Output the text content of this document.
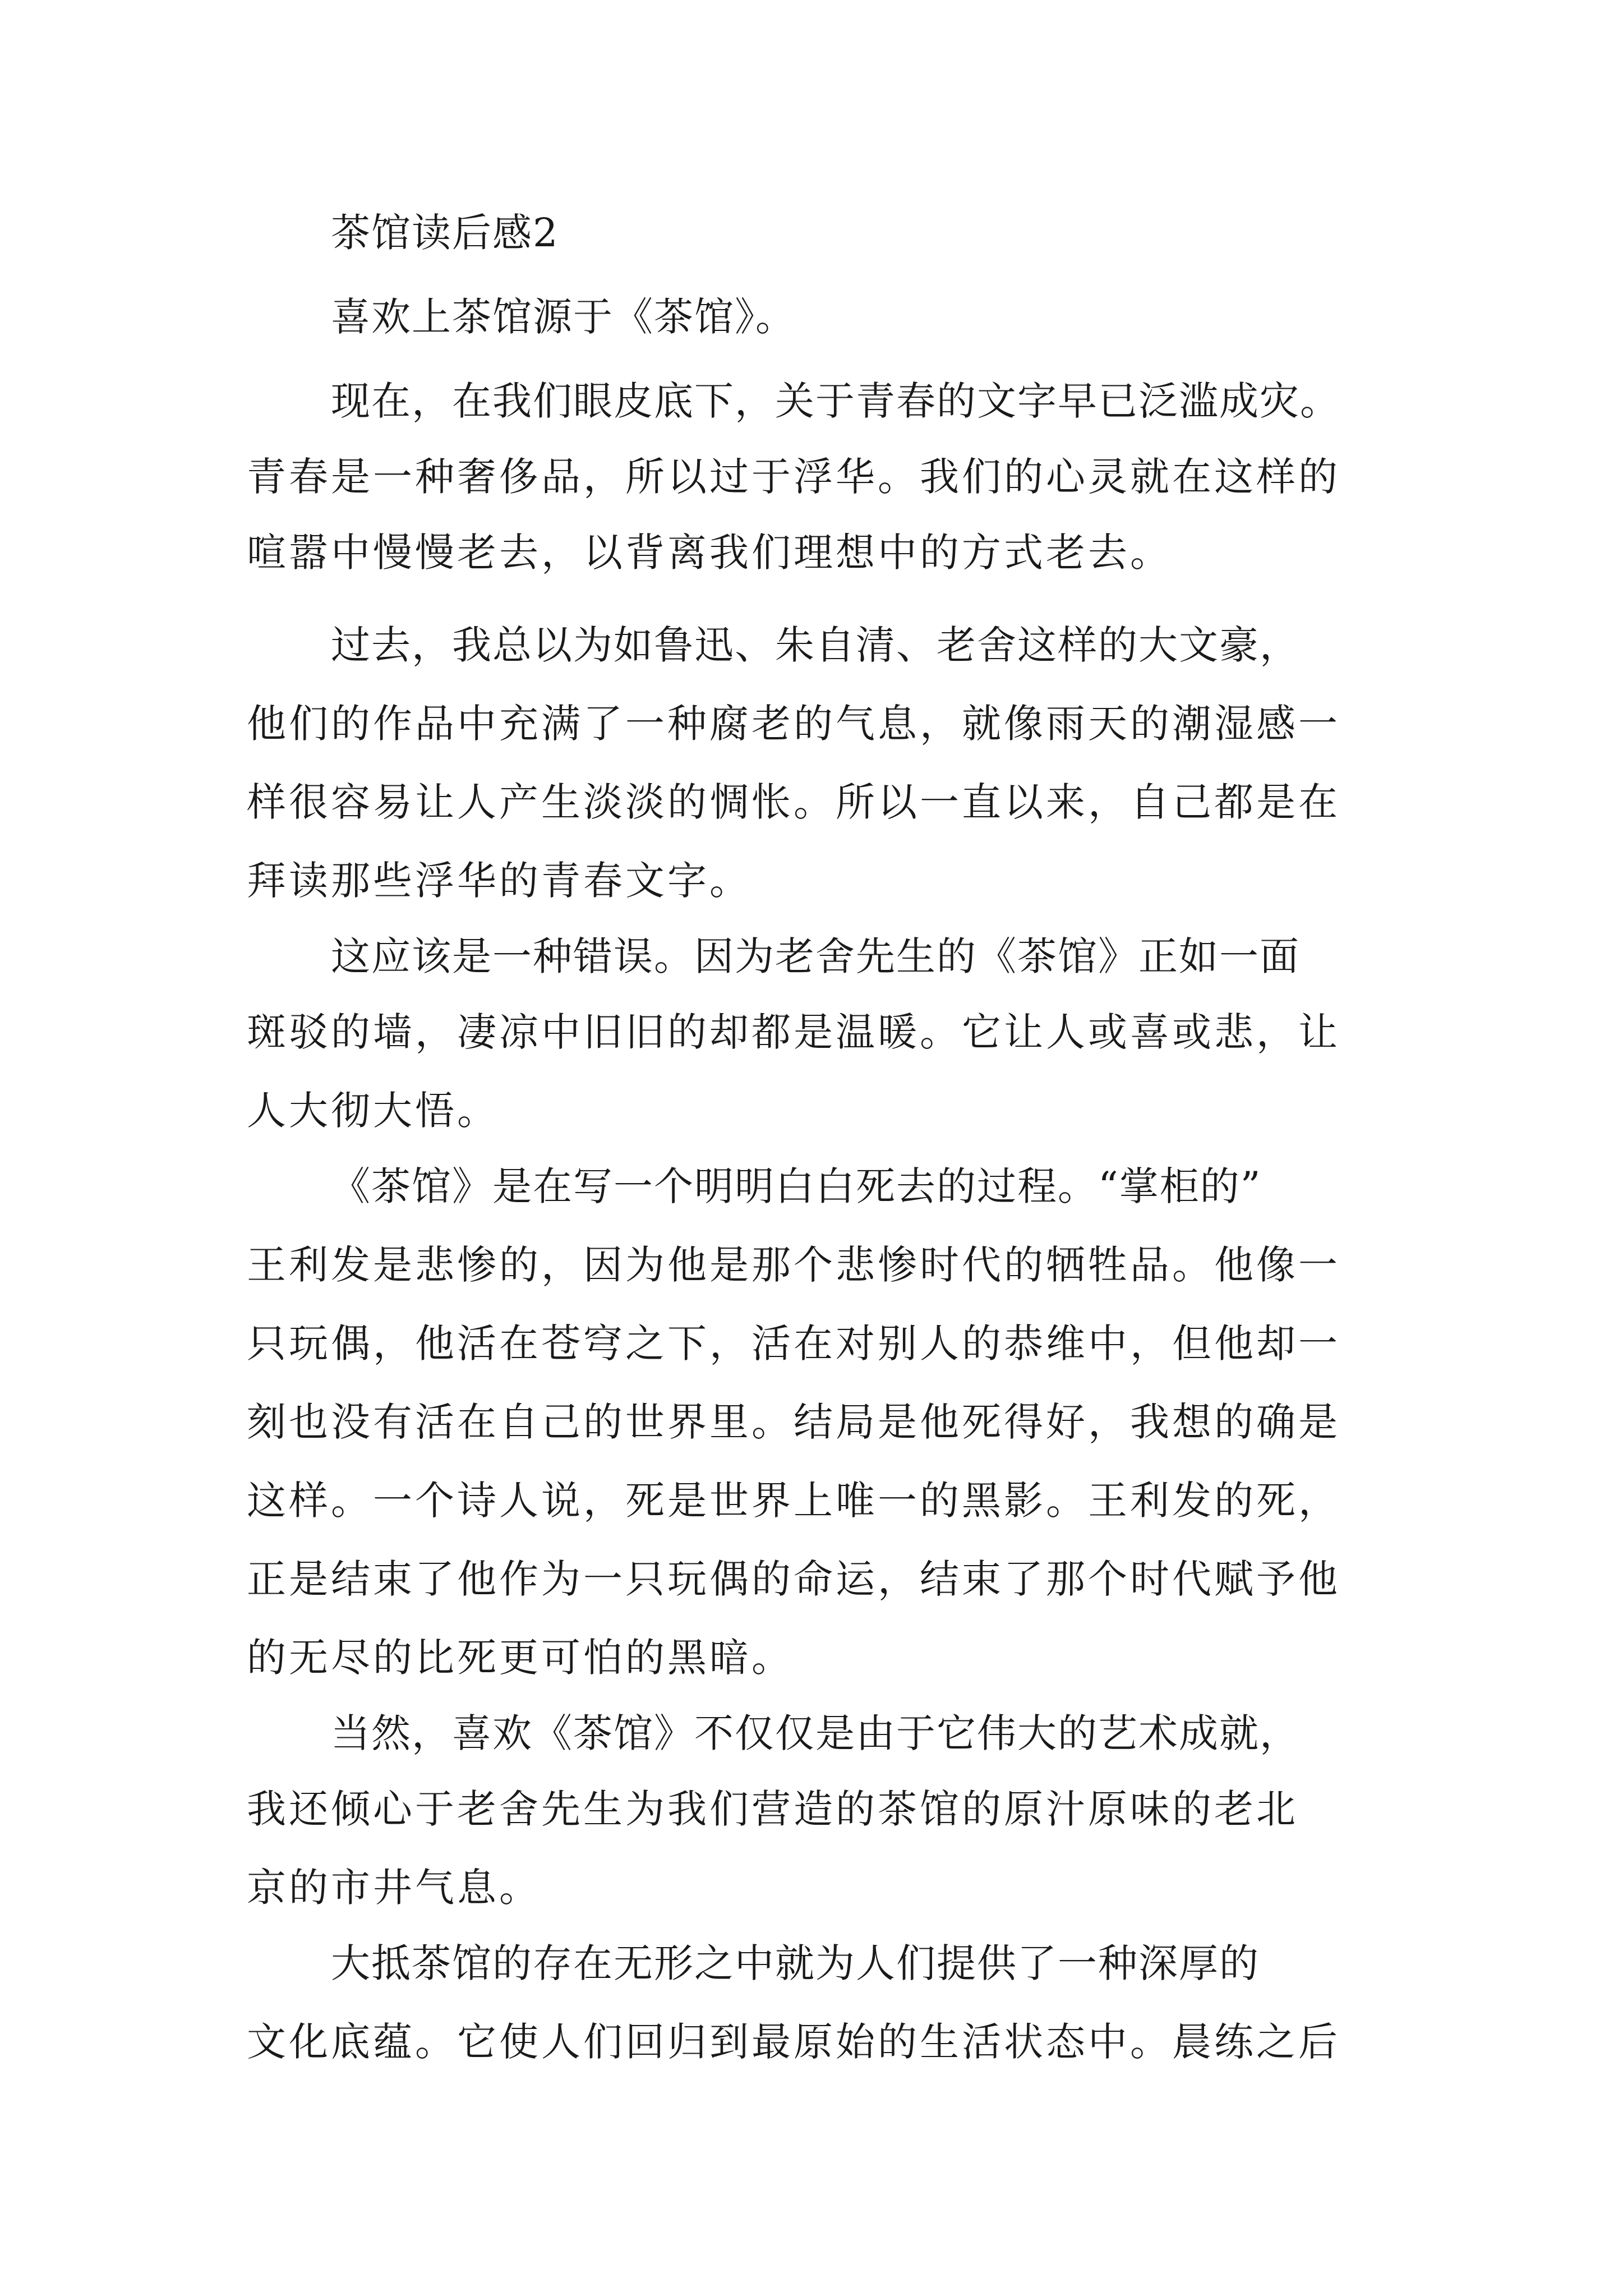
茶馆读后感2
喜欢上茶馆源于《茶馆》。
现在，在我们眼皮底下，关于青春的文字早已泛滥成灾。
青春是一种奢侈品，所以过于浮华。我们的心灵就在这样的
喧嚣中慢慢老去，以背离我们理想中的方式老去。
过去，我总以为如鲁迅、朱自清、老舍这样的大文豪，
他们的作品中充满了一种腐老的气息，就像雨天的潮湿感一
样很容易让人产生淡淡的惆怅。所以一直以来，自己都是在
拜读那些浮华的青春文字。
这应该是一种错误。因为老舍先生的《茶馆》正如一面
斑驳的墙，凄凉中旧旧的却都是温暖。它让人或喜或悲，让
人大彻大悟。
《茶馆》是在写一个明明白白死去的过程。“掌柜的”
王利发是悲惨的，因为他是那个悲惨时代的牺牲品。他像一
只玩偶，他活在苍穹之下，活在对别人的恭维中，但他却一
刻也没有活在自己的世界里。结局是他死得好，我想的确是
这样。一个诗人说，死是世界上唯一的黑影。王利发的死，
正是结束了他作为一只玩偶的命运，结束了那个时代赋予他
的无尽的比死更可怕的黑暗。
当然，喜欢《茶馆》不仅仅是由于它伟大的艺术成就，
我还倾心于老舍先生为我们营造的茶馆的原汁原味的老北
京的市井气息。
大抵茶馆的存在无形之中就为人们提供了一种深厚的
文化底蕴。它使人们回归到最原始的生活状态中。晨练之后
